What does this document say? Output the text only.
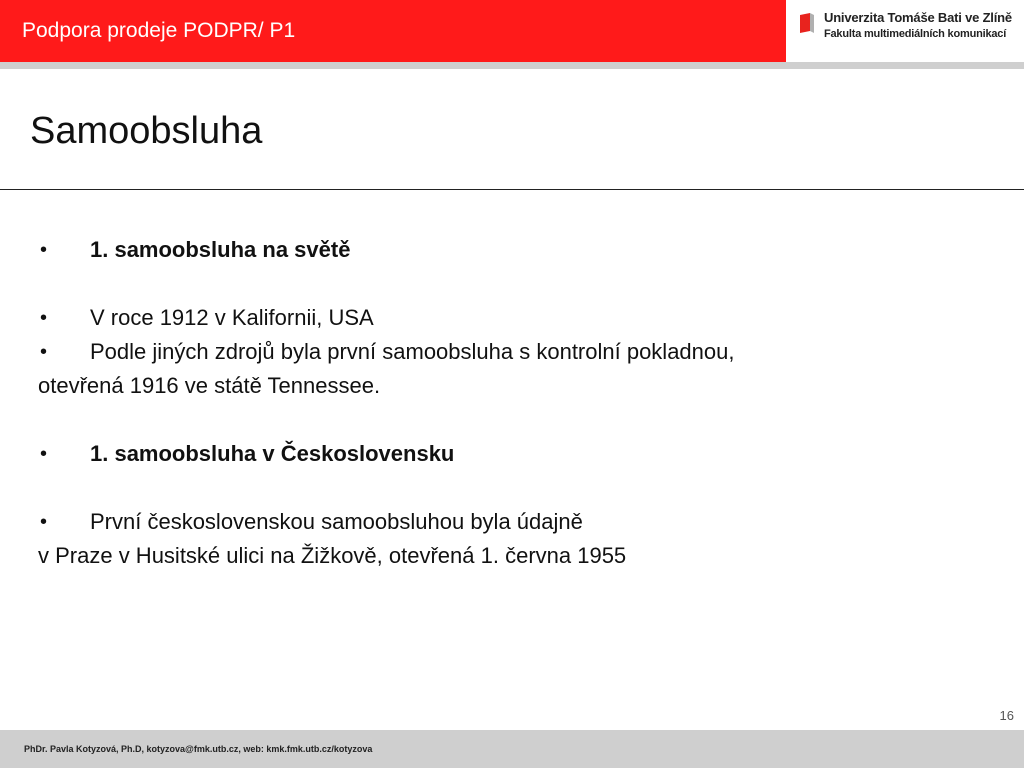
Podpora prodeje PODPR/ P1
Univerzita Tomáše Bati ve Zlíně
Fakulta multimediálních komunikací
Samoobsluha
• 1. samoobsluha na světě
• V roce 1912 v Kalifornii, USA
• Podle jiných zdrojů byla první samoobsluha s kontrolní pokladnou,
otevřená 1916 ve státě Tennessee.
• 1. samoobsluha v Československu
• První československou samoobsluhou byla údajně
v Praze v Husitské ulici na Žižkově, otevřená 1. června 1955
16
PhDr. Pavla Kotyzová, Ph.D, kotyzova@fmk.utb.cz, web: kmk.fmk.utb.cz/kotyzova
